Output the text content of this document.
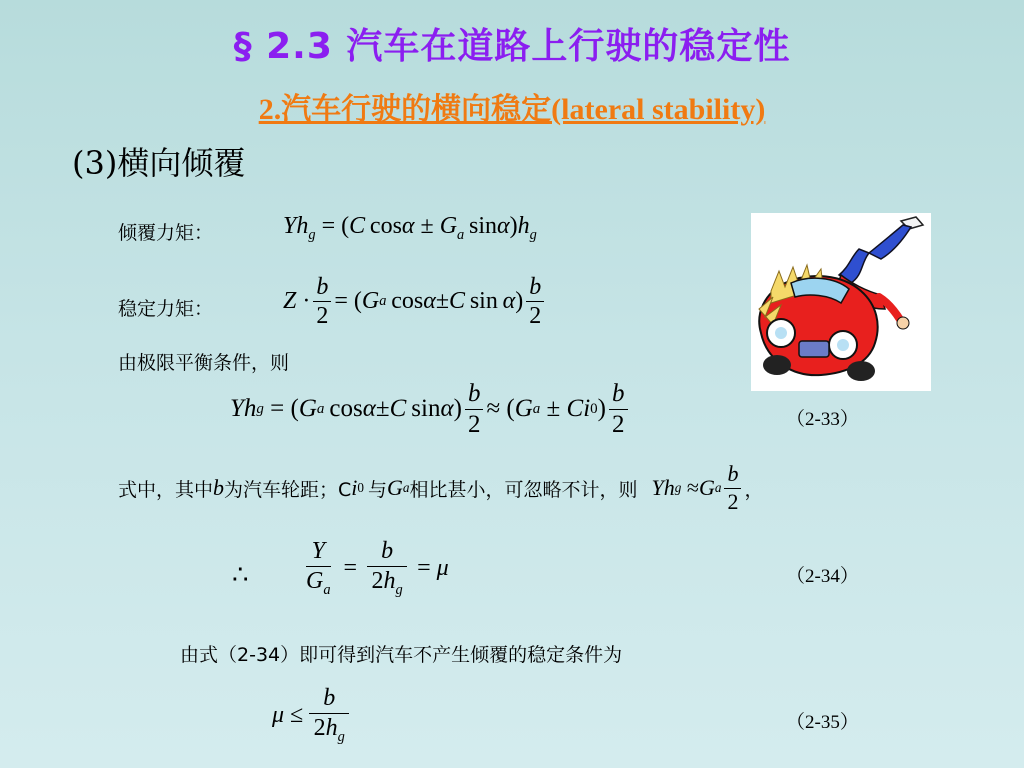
§ 2.3 汽车在道路上行驶的稳定性
2.汽车行驶的横向稳定(lateral stability)
(3)横向倾覆
倾覆力矩：	$Yh_g = (C$ $\cos\alpha \pm G_a$ $\sin\alpha)h_g$
稳定力矩：	$Z \cdot \frac{b}{2}$ = ( G a  cos α ± C  sin  α ) $\frac{b}{2}$
由极限平衡条件，则
Yh g = ( G a  cos α ± C  sin α ) $\frac{b}{2}$ ≈ ( G a ± C i 0 ) $\frac{b}{2}$	（2-33）
式中，其中 b 为汽车轮距；C i 0 与 G a 相比甚小，可忽略不计，则 Yh g ≈ G a $\frac{b}{2}$ ，
∴ $\frac{Y}{G_a} = \frac{b}{2h_g} = \mu$	（2-34）
由式（2-34）即可得到汽车不产生倾覆的稳定条件为
$\mu \le \frac{b}{2h_g}$	（2-35）
